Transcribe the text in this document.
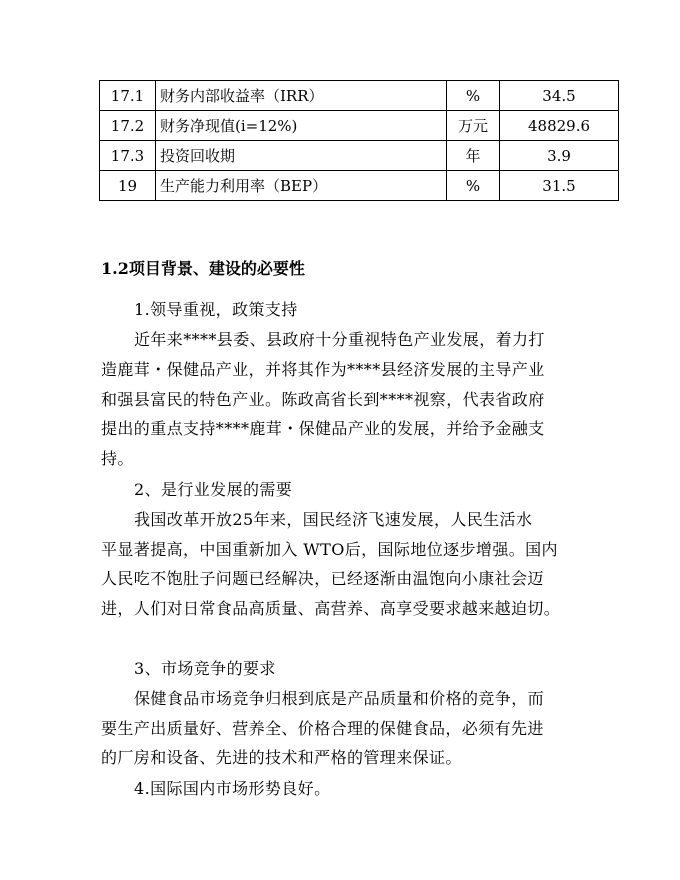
17.1	财务内部收益率（IRR）	%	34.5
17.2	财务净现值(i=12%)	万元	48829.6
17.3	投资回收期	年	3.9
19	生产能力利用率（BEP）	%	31.5
1.2项目背景、建设的必要性
1.领导重视，政策支持
近年来****县委、县政府十分重视特色产业发展，着力打
造鹿茸・保健品产业，并将其作为****县经济发展的主导产业
和强县富民的特色产业。陈政高省长到****视察，代表省政府
提出的重点支持****鹿茸・保健品产业的发展，并给予金融支
持。
2、是行业发展的需要
我国改革开放25年来，国民经济飞速发展，人民生活水
平显著提高，中国重新加入 WTO后，国际地位逐步增强。国内
人民吃不饱肚子问题已经解决，已经逐渐由温饱向小康社会迈
进，人们对日常食品高质量、高营养、高享受要求越来越迫切。
3、市场竞争的要求
保健食品市场竞争归根到底是产品质量和价格的竞争，而
要生产出质量好、营养全、价格合理的保健食品，必须有先进
的厂房和设备、先进的技术和严格的管理来保证。
4.国际国内市场形势良好。
